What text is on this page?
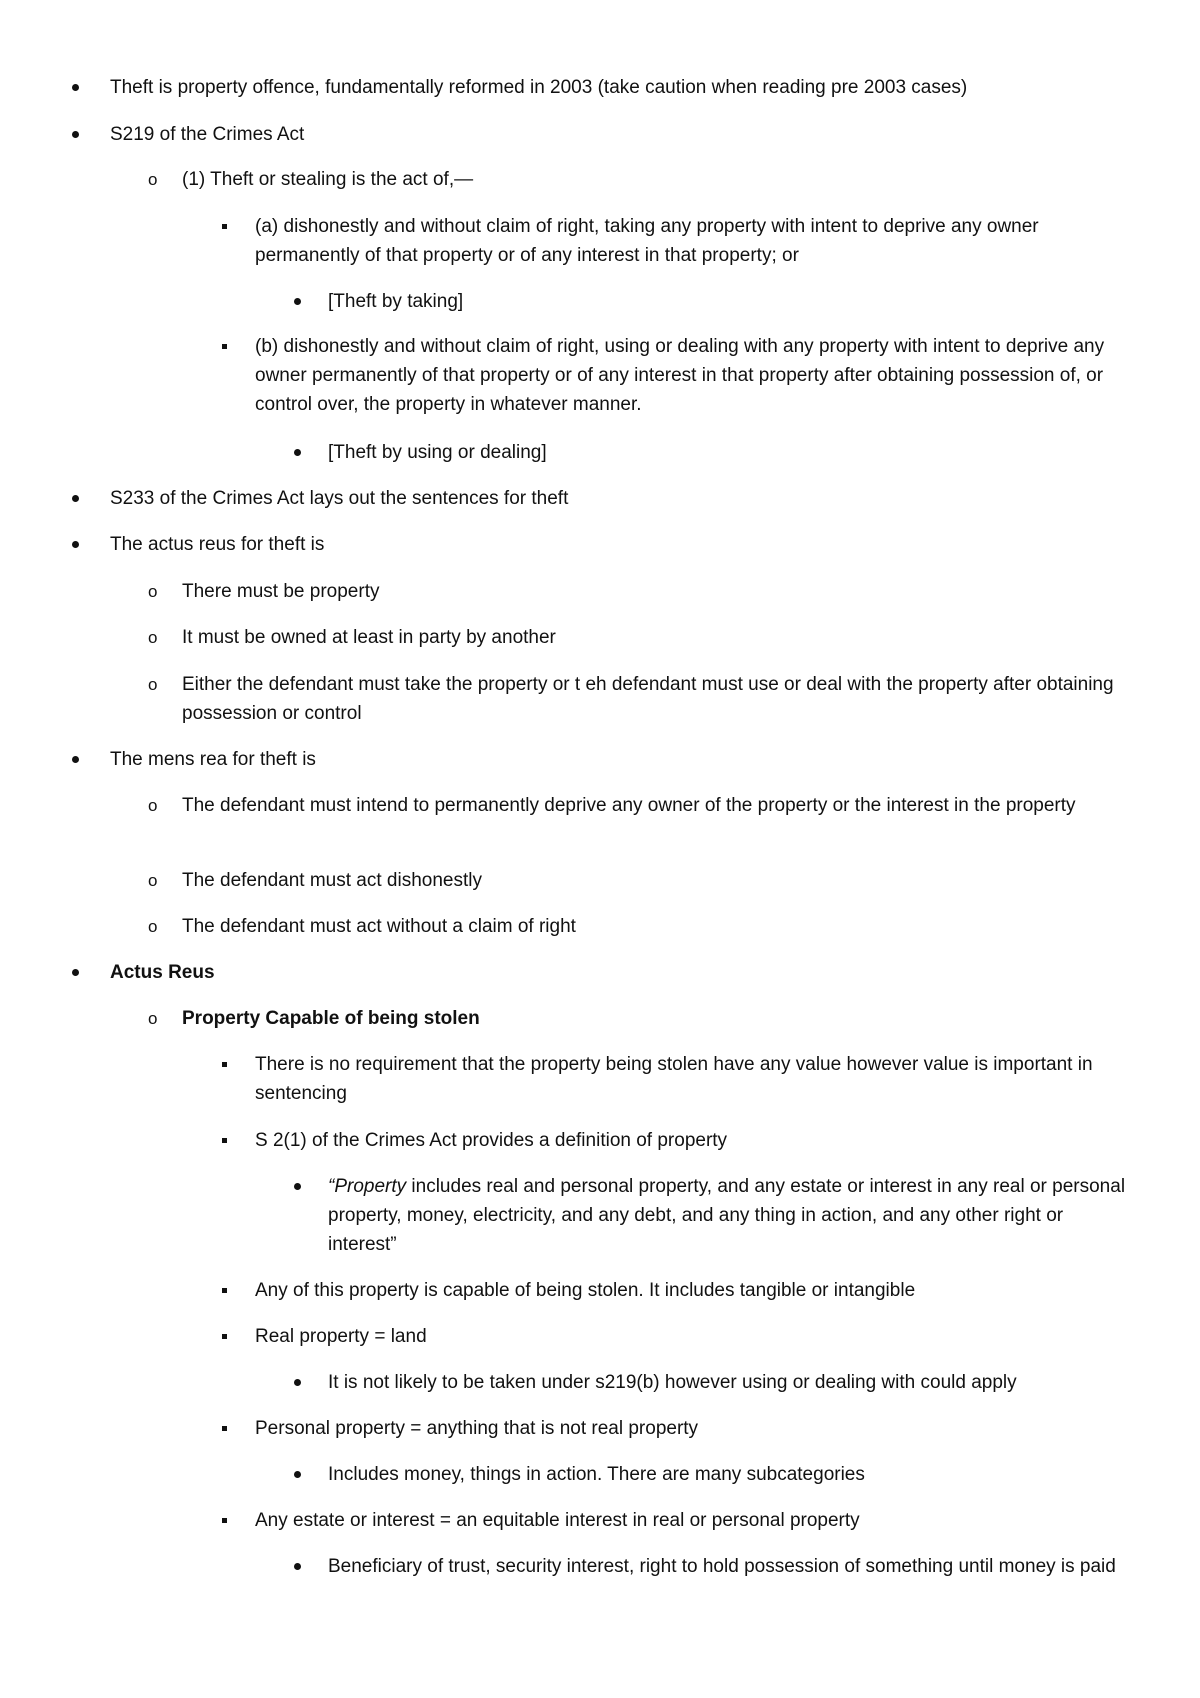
Theft is property offence, fundamentally reformed in 2003 (take caution when reading pre 2003 cases)
S219 of the Crimes Act
o (1) Theft or stealing is the act of,—
(a) dishonestly and without claim of right, taking any property with intent to deprive any owner permanently of that property or of any interest in that property; or
[Theft by taking]
(b) dishonestly and without claim of right, using or dealing with any property with intent to deprive any owner permanently of that property or of any interest in that property after obtaining possession of, or control over, the property in whatever manner.
[Theft by using or dealing]
S233 of the Crimes Act lays out the sentences for theft
The actus reus for theft is
o There must be property
o It must be owned at least in party by another
o Either the defendant must take the property or t eh defendant must use or deal with the property after obtaining possession or control
The mens rea for theft is
o The defendant must intend to permanently deprive any owner of the property or the interest in the property
o The defendant must act dishonestly
o The defendant must act without a claim of right
Actus Reus
o Property Capable of being stolen
There is no requirement that the property being stolen have any value however value is important in sentencing
S 2(1) of the Crimes Act provides a definition of property
“Property includes real and personal property, and any estate or interest in any real or personal property, money, electricity, and any debt, and any thing in action, and any other right or interest”
Any of this property is capable of being stolen. It includes tangible or intangible
Real property = land
It is not likely to be taken under s219(b) however using or dealing with could apply
Personal property = anything that is not real property
Includes money, things in action. There are many subcategories
Any estate or interest = an equitable interest in real or personal property
Beneficiary of trust, security interest, right to hold possession of something until money is paid
